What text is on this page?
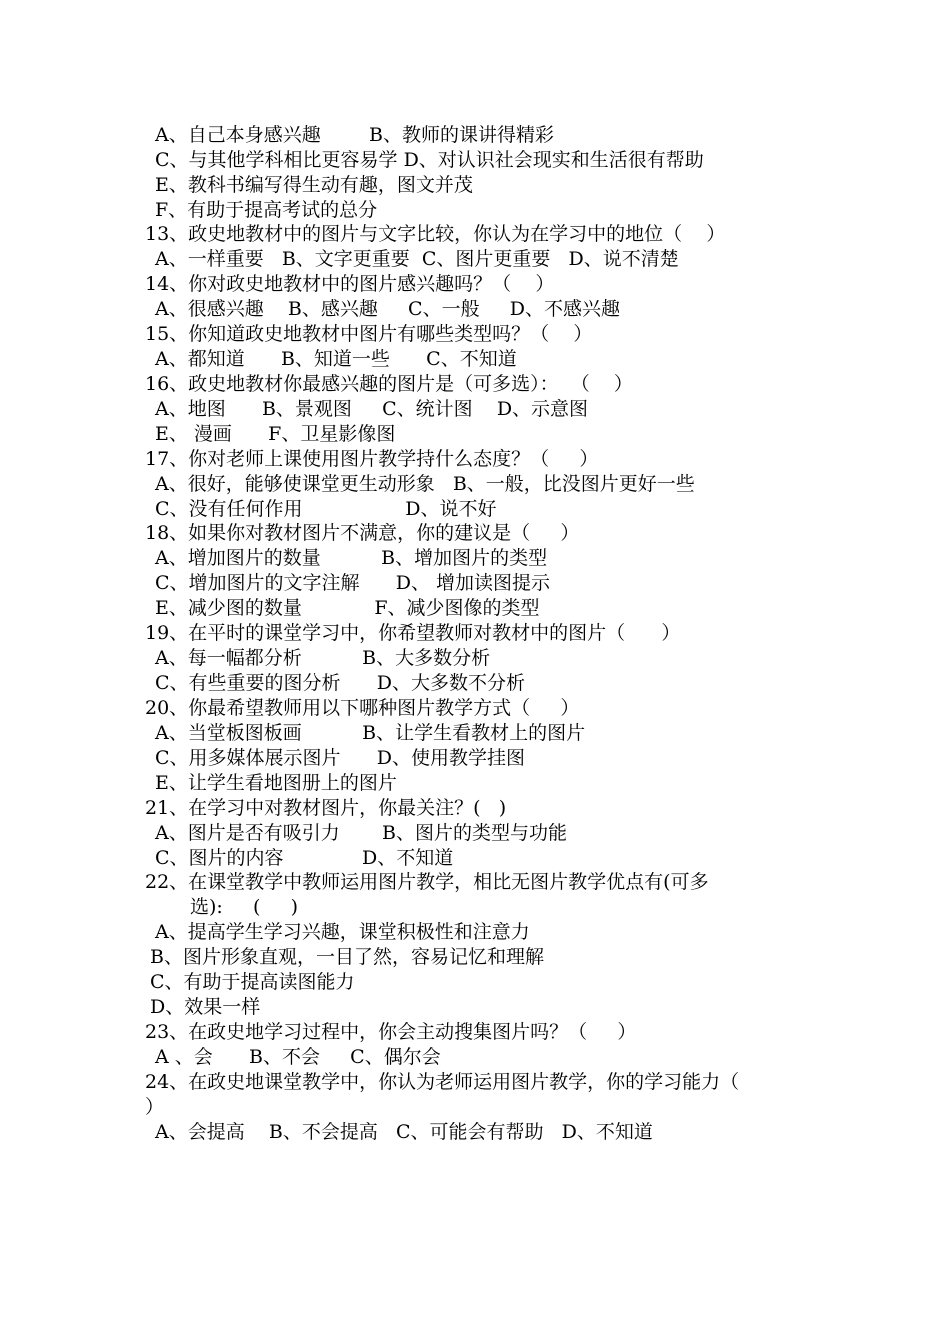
A、自己本身感兴趣        B、教师的课讲得精彩
C、与其他学科相比更容易学 D、对认识社会现实和生活很有帮助
E、教科书编写得生动有趣，图文并茂
F、有助于提高考试的总分
13、政史地教材中的图片与文字比较，你认为在学习中的地位（    ）
A、一样重要   B、文字更重要  C、图片更重要   D、说不清楚
14、你对政史地教材中的图片感兴趣吗？（    ）
A、很感兴趣    B、感兴趣     C、一般     D、不感兴趣
15、你知道政史地教材中图片有哪些类型吗？（    ）
A、都知道      B、知道一些      C、不知道
16、政史地教材你最感兴趣的图片是（可多选）：  （    ）
A、地图      B、景观图     C、统计图    D、示意图
E、 漫画      F、卫星影像图
17、你对老师上课使用图片教学持什么态度？（     ）
A、很好，能够使课堂更生动形象   B、一般，比没图片更好一些
C、没有任何作用                 D、说不好
18、如果你对教材图片不满意，你的建议是（     ）
A、增加图片的数量          B、增加图片的类型
C、增加图片的文字注解      D、 增加读图提示
E、减少图的数量            F、减少图像的类型
19、在平时的课堂学习中，你希望教师对教材中的图片（      ）
A、每一幅都分析          B、大多数分析
C、有些重要的图分析      D、大多数不分析
20、你最希望教师用以下哪种图片教学方式（     ）
A、当堂板图板画          B、让学生看教材上的图片
C、用多媒体展示图片      D、使用教学挂图
E、让学生看地图册上的图片
21、在学习中对教材图片，你最关注？(   )
A、图片是否有吸引力       B、图片的类型与功能
C、图片的内容             D、不知道
22、在课堂教学中教师运用图片教学，相比无图片教学优点有(可多
选):     (     )
A、提高学生学习兴趣，课堂积极性和注意力
B、图片形象直观，一目了然，容易记忆和理解
C、有助于提高读图能力
D、效果一样
23、在政史地学习过程中，你会主动搜集图片吗？（     ）
A 、会      B、不会     C、偶尔会
24、在政史地课堂教学中，你认为老师运用图片教学，你的学习能力（
）
A、会提高    B、不会提高   C、可能会有帮助   D、不知道
